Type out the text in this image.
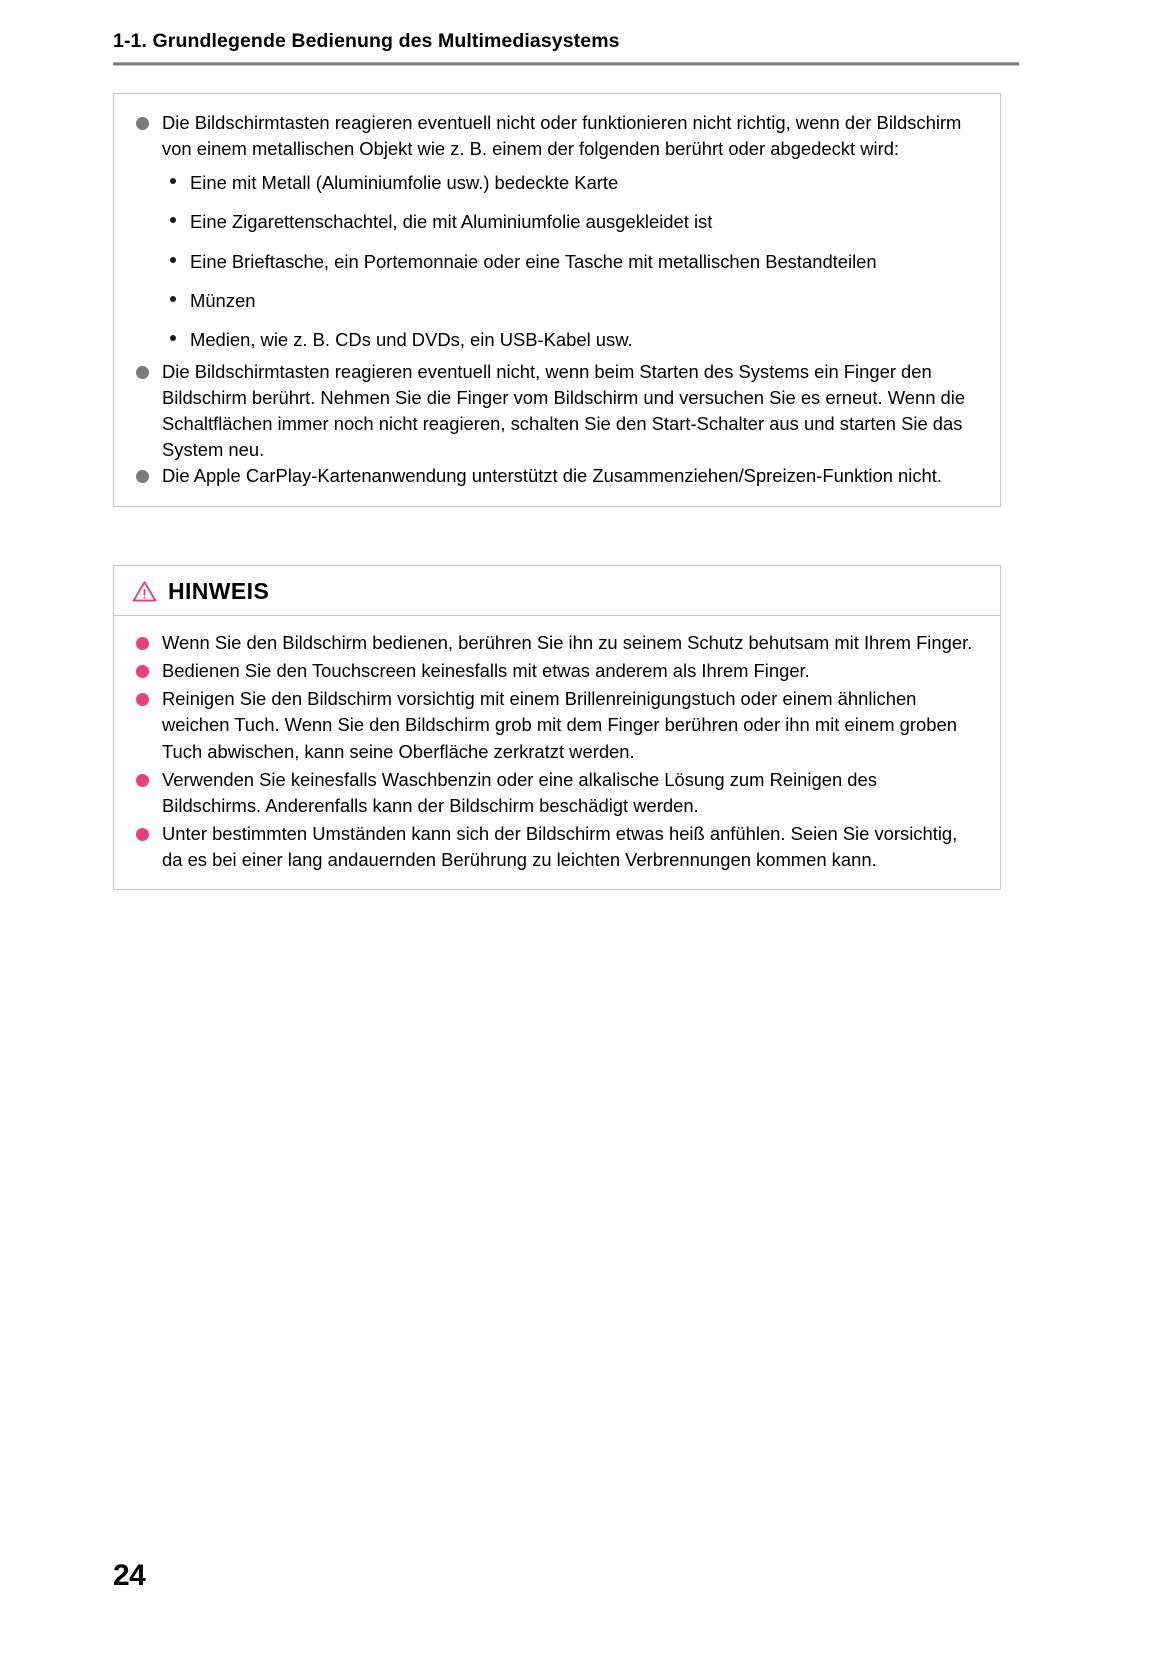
1-1. Grundlegende Bedienung des Multimediasystems
Die Bildschirmtasten reagieren eventuell nicht oder funktionieren nicht richtig, wenn der Bildschirm von einem metallischen Objekt wie z. B. einem der folgenden berührt oder abgedeckt wird:
Eine mit Metall (Aluminiumfolie usw.) bedeckte Karte
Eine Zigarettenschachtel, die mit Aluminiumfolie ausgekleidet ist
Eine Brieftasche, ein Portemonnaie oder eine Tasche mit metallischen Bestandteilen
Münzen
Medien, wie z. B. CDs und DVDs, ein USB-Kabel usw.
Die Bildschirmtasten reagieren eventuell nicht, wenn beim Starten des Systems ein Finger den Bildschirm berührt. Nehmen Sie die Finger vom Bildschirm und versuchen Sie es erneut. Wenn die Schaltflächen immer noch nicht reagieren, schalten Sie den Start-Schalter aus und starten Sie das System neu.
Die Apple CarPlay-Kartenanwendung unterstützt die Zusammenziehen/Spreizen-Funktion nicht.
HINWEIS
Wenn Sie den Bildschirm bedienen, berühren Sie ihn zu seinem Schutz behutsam mit Ihrem Finger.
Bedienen Sie den Touchscreen keinesfalls mit etwas anderem als Ihrem Finger.
Reinigen Sie den Bildschirm vorsichtig mit einem Brillenreinigungstuch oder einem ähnlichen weichen Tuch. Wenn Sie den Bildschirm grob mit dem Finger berühren oder ihn mit einem groben Tuch abwischen, kann seine Oberfläche zerkratzt werden.
Verwenden Sie keinesfalls Waschbenzin oder eine alkalische Lösung zum Reinigen des Bildschirms. Anderenfalls kann der Bildschirm beschädigt werden.
Unter bestimmten Umständen kann sich der Bildschirm etwas heiß anfühlen. Seien Sie vorsichtig, da es bei einer lang andauernden Berührung zu leichten Verbrennungen kommen kann.
24
